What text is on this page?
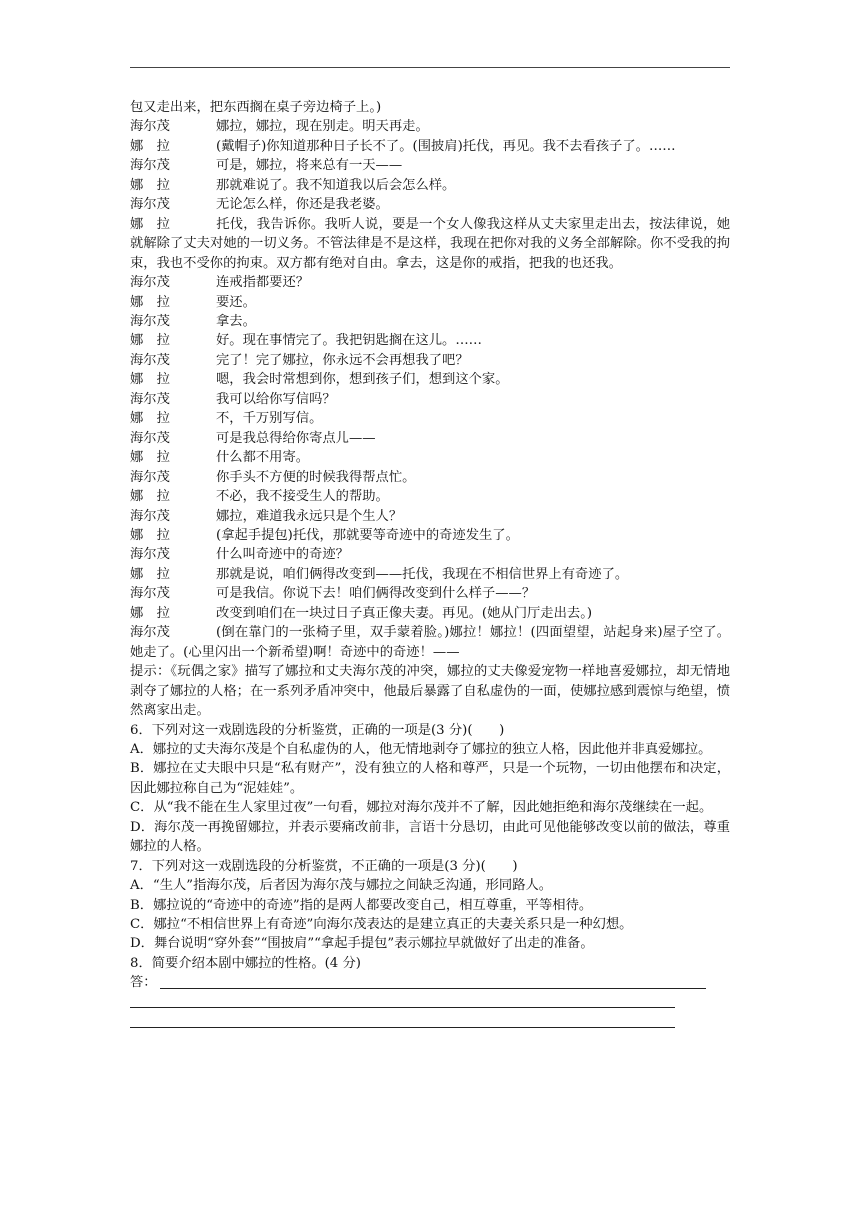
包又走出来，把东西搁在桌子旁边椅子上。)
海尔茂	娜拉，娜拉，现在别走。明天再走。
娜　拉	(戴帽子)你知道那种日子长不了。(围披肩)托伐，再见。我不去看孩子了。……
海尔茂	可是，娜拉，将来总有一天——
娜　拉	那就难说了。我不知道我以后会怎么样。
海尔茂	无论怎么样，你还是我老婆。
娜　拉	托伐，我告诉你。我听人说，要是一个女人像我这样从丈夫家里走出去，按法律说，她就解除了丈夫对她的一切义务。不管法律是不是这样，我现在把你对我的义务全部解除。你不受我的拘束，我也不受你的拘束。双方都有绝对自由。拿去，这是你的戒指，把我的也还我。
海尔茂	连戒指都要还？
娜　拉	要还。
海尔茂	拿去。
娜　拉	好。现在事情完了。我把钥匙搁在这儿。……
海尔茂	完了！完了娜拉，你永远不会再想我了吧？
娜　拉	嗯，我会时常想到你，想到孩子们，想到这个家。
海尔茂	我可以给你写信吗？
娜　拉	不，千万别写信。
海尔茂	可是我总得给你寄点儿——
娜　拉	什么都不用寄。
海尔茂	你手头不方便的时候我得帮点忙。
娜　拉	不必，我不接受生人的帮助。
海尔茂	娜拉，难道我永远只是个生人？
娜　拉	(拿起手提包)托伐，那就要等奇迹中的奇迹发生了。
海尔茂	什么叫奇迹中的奇迹？
娜　拉	那就是说，咱们俩得改变到——托伐，我现在不相信世界上有奇迹了。
海尔茂	可是我信。你说下去！咱们俩得改变到什么样子——？
娜　拉	改变到咱们在一块过日子真正像夫妻。再见。(她从门厅走出去。)
海尔茂	(倒在靠门的一张椅子里，双手蒙着脸。)娜拉！娜拉！(四面望望，站起身来)屋子空了。她走了。(心里闪出一个新希望)啊！奇迹中的奇迹！——
提示：《玩偶之家》描写了娜拉和丈夫海尔茂的冲突，娜拉的丈夫像爱宠物一样地喜爱娜拉，却无情地剥夺了娜拉的人格；在一系列矛盾冲突中，他最后暴露了自私虚伪的一面，使娜拉感到震惊与绝望，愤然离家出走。
6．下列对这一戏剧选段的分析鉴赏，正确的一项是(3 分)(　　)
A．娜拉的丈夫海尔茂是个自私虚伪的人，他无情地剥夺了娜拉的独立人格，因此他并非真爱娜拉。
B．娜拉在丈夫眼中只是“私有财产”，没有独立的人格和尊严，只是一个玩物，一切由他摆布和决定，因此娜拉称自己为“泥娃娃”。
C．从“我不能在生人家里过夜”一句看，娜拉对海尔茂并不了解，因此她拒绝和海尔茂继续在一起。
D．海尔茂一再挽留娜拉，并表示要痛改前非，言语十分恳切，由此可见他能够改变以前的做法，尊重娜拉的人格。
7．下列对这一戏剧选段的分析鉴赏，不正确的一项是(3 分)(　　)
A．“生人”指海尔茂，后者因为海尔茂与娜拉之间缺乏沟通，形同路人。
B．娜拉说的“奇迹中的奇迹”指的是两人都要改变自己，相互尊重，平等相待。
C．娜拉“不相信世界上有奇迹”向海尔茂表达的是建立真正的夫妻关系只是一种幻想。
D．舞台说明“穿外套”“围披肩”“拿起手提包”表示娜拉早就做好了出走的准备。
8．简要介绍本剧中娜拉的性格。(4 分)
答：
